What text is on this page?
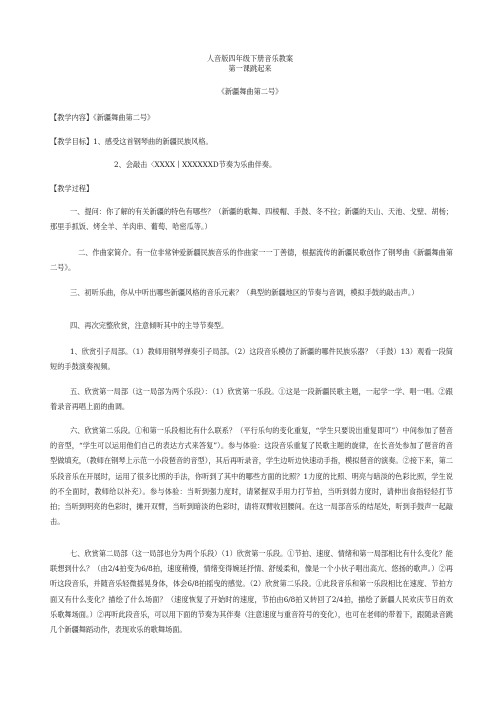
人音版四年级下册音乐教案
第一课跳起来
《新疆舞曲第二号》
【教学内容】《新疆舞曲第二号》
【教学目标】1、感受这首钢琴曲的新疆民族风格。
2、会敲击〈XXXX丨XXXXXXD节奏为乐曲伴奏。
【教学过程】
一、提问：你了解的有关新疆的特色有哪些？（新疆的歌舞、四棱帽、手鼓、冬不拉；新疆的天山、天池、戈壁、胡杨；那里手抓饭、烤全羊、羊肉串、葡萄、哈密瓜等。）
二、作曲家简介。有一位非常钟爱新疆民族音乐的作曲家一一丁善德，根据流传的新疆民歌创作了钢琴曲《新疆舞曲第二号》。
三、初听乐曲，你从中听出哪些新疆风格的音乐元素？（典型的新疆地区的节奏与音调，模拟手鼓的敲击声。）
四、再次完整欣赏，注意倾听其中的主导节奏型。
1、欣赏引子局部。（1）教师用钢琴弹奏引子局部。（2）这段音乐模仿了新疆的哪件民族乐器？（手鼓）13）观看一段简短的手鼓演奏视频。
五、欣赏第一局部（这一局部为两个乐段）：（1）欣赏第一乐段。①这是一段新疆民歌主题，一起学一学、唱一唱。②跟着录音再唱上面的曲调。
六、欣赏第二乐段。①和第一乐段相比有什么联系？（平行乐句的变化重复，“学生只要说出重复即可”）中间参加了琶音的音型，“学生可以运用他们自己的表达方式来答复”）。参与体验：这段音乐重复了民歌主题的旋律，在长音处参加了琶音的音型做填充，（教师在钢琴上示范一小段琶音的音型），其后再听录音，学生边听边快速动手指，模拟琶音的演奏。②接下来，第二乐段音乐在开展时，运用了很多比照的手法，你听到了其中的哪些方面的比照？1力度的比照、明亮与暗淡的色彩比照，学生说的不全面时，教师给以补充）。参与体验：当听到强力度时，请紧握双手用力打节拍，当听到弱力度时，请伸出食指轻轻打节拍；当听到明亮的色彩时，摊开双臂，当听到暗淡的色彩时，请将双臂收回腰间。在这一局部音乐的结尾处，听到手鼓声一起敲击。
七、欣赏第二局部（这一局部也分为两个乐段）（1）欣赏第一乐段。①节拍、速度、情绪和第一局部相比有什么变化？能联想到什么？（由2/4拍变为6/8拍，速度稍慢，情绪变得婉延抒情、舒缓柔和，像是一个小伙子唱出高亢、悠扬的歌声。）②再听这段音乐，并随音乐轻微摇晃身体，体会6/8拍摇曳的感觉。（2）欣赏第二乐段。①此段音乐和第一乐段相比在速度、节拍方面又有什么变化？描绘了什么场面？（速度恢复了开始时的速度，节拍由6/8拍又转回了2/4拍，描绘了新疆人民欢庆节日的欢乐歌舞场面。）②再听此段音乐，可以用下面的节奏为其伴奏（注意速度与重音符号的变化），也可在老师的带着下，跟随录音跳几个新疆舞蹈动作，表现欢乐的歌舞场面。
